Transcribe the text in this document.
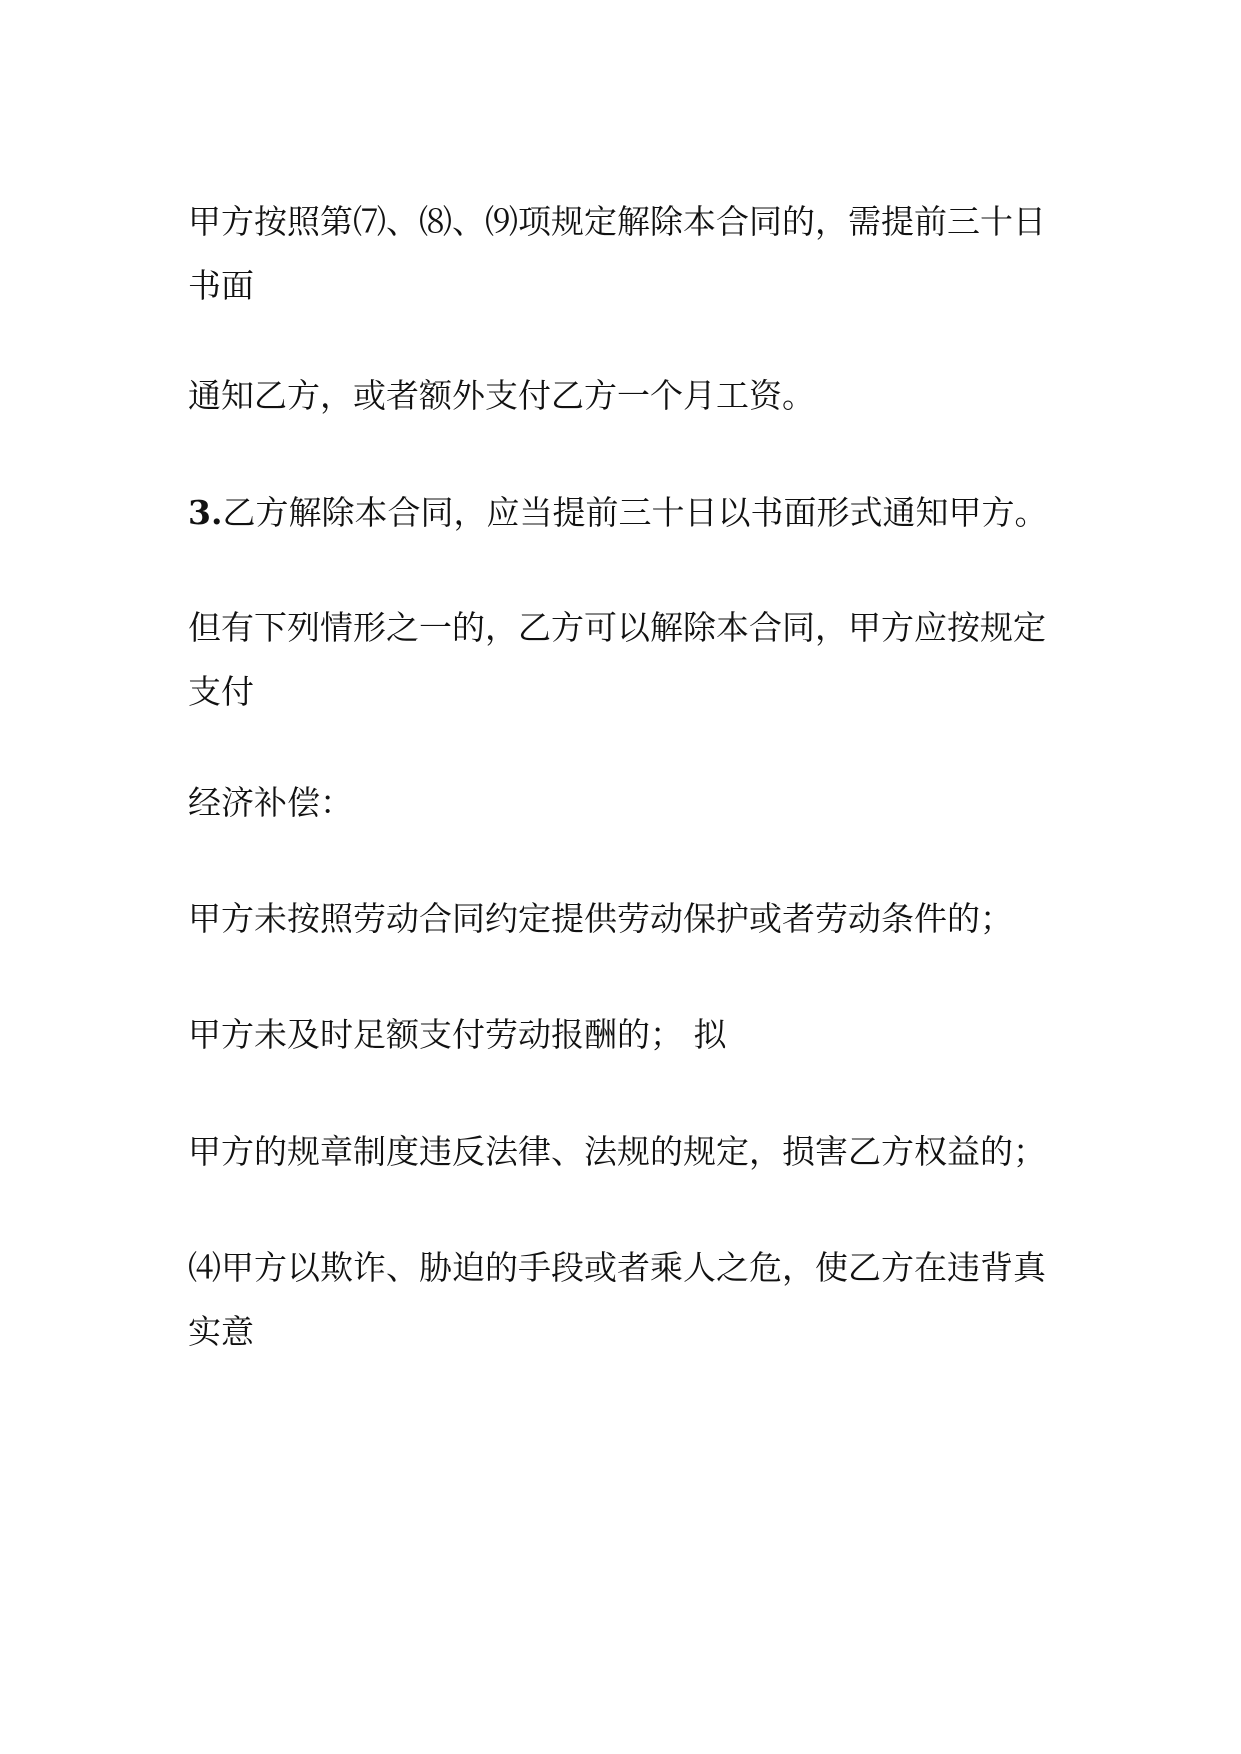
甲方按照第⑺、⑻、⑼项规定解除本合同的，需提前三十日
书面

通知乙方，或者额外支付乙方一个月工资。

3.乙方解除本合同，应当提前三十日以书面形式通知甲方。

但有下列情形之一的，乙方可以解除本合同，甲方应按规定
支付

经济补偿：

甲方未按照劳动合同约定提供劳动保护或者劳动条件的；

甲方未及时足额支付劳动报酬的； 拟

甲方的规章制度违反法律、法规的规定，损害乙方权益的；

⑷甲方以欺诈、胁迫的手段或者乘人之危，使乙方在违背真
实意
